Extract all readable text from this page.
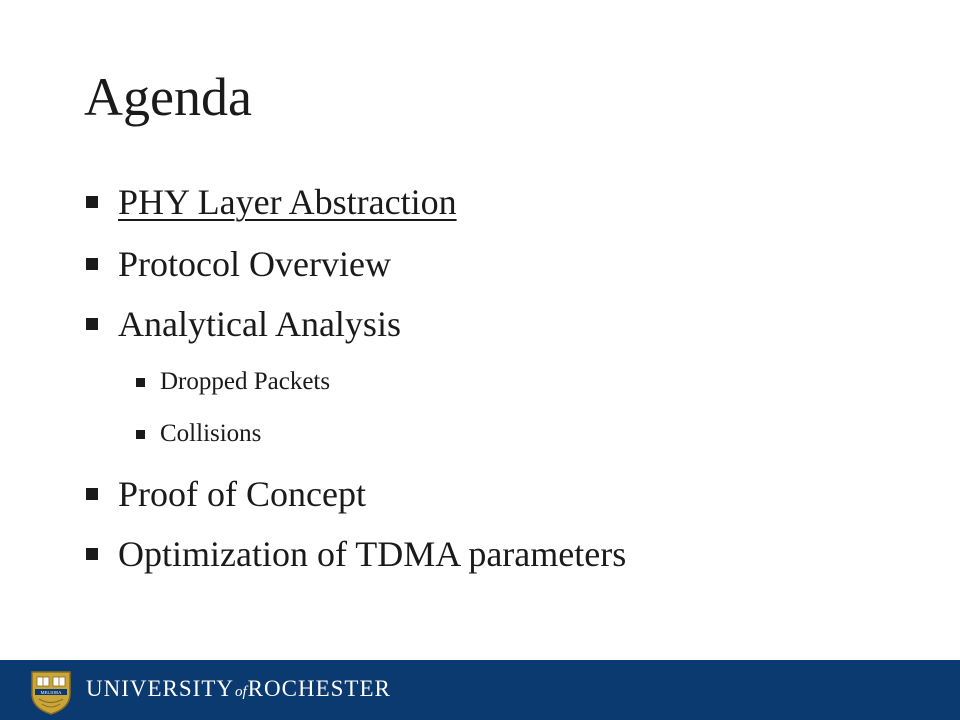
Agenda
PHY Layer Abstraction
Protocol Overview
Analytical Analysis
Dropped Packets
Collisions
Proof of Concept
Optimization of TDMA parameters
MELIORA UNIVERSITY of ROCHESTER
